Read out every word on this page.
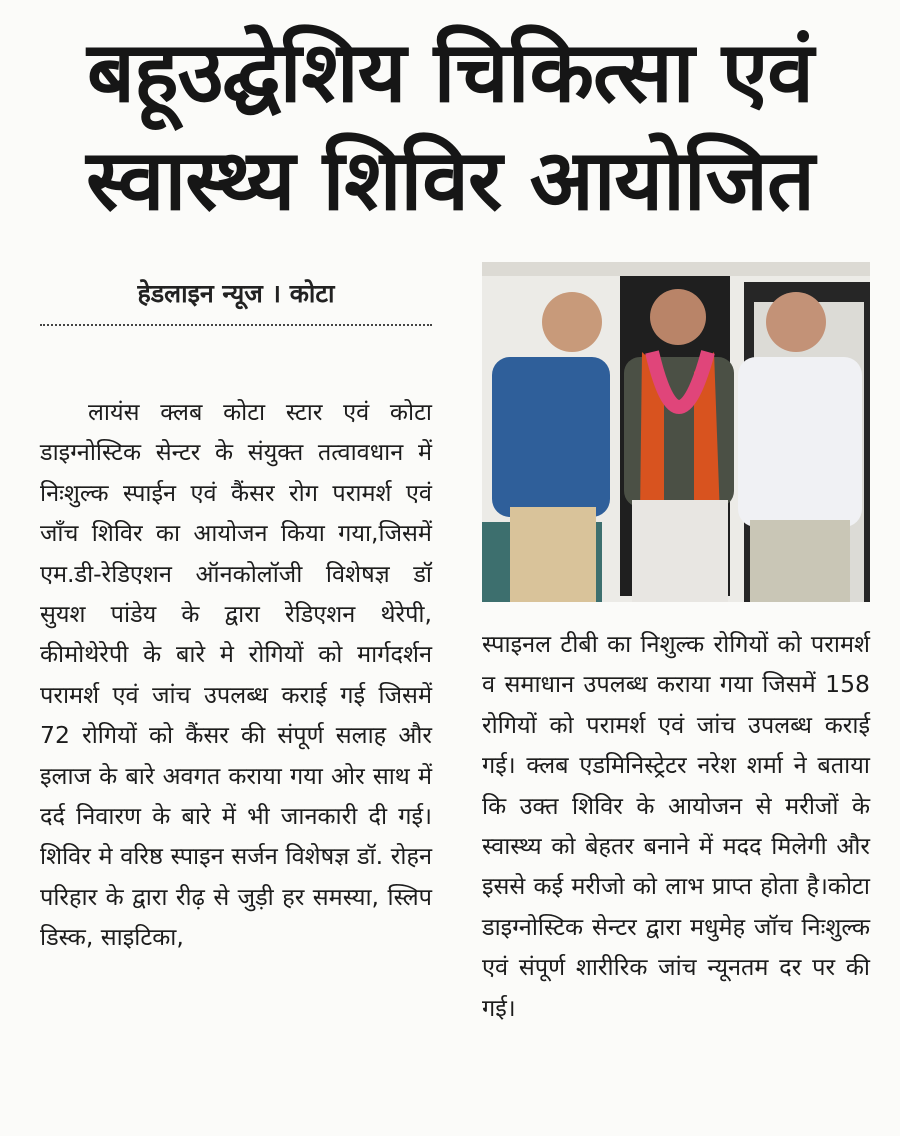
बहूउद्घेशिय चिकित्सा एवं
स्वास्थ्य शिविर आयोजित
हेडलाइन न्यूज । कोटा
लायंस क्लब कोटा स्टार एवं कोटा डाइग्नोस्टिक सेन्टर के संयुक्त तत्वावधान में निःशुल्क स्पाईन एवं कैंसर रोग परामर्श एवं जाँच शिविर का आयोजन किया गया,जिसमें एम.डी-रेडिएशन ऑनकोलॉजी विशेषज्ञ डॉ सुयश पांडेय के द्वारा रेडिएशन थेरेपी, कीमोथेरेपी के बारे मे रोगियों को मार्गदर्शन परामर्श एवं जांच उपलब्ध कराई गई जिसमें 72 रोगियों को कैंसर की संपूर्ण सलाह और इलाज के बारे अवगत कराया गया ओर साथ में दर्द निवारण के बारे में भी जानकारी दी गई। शिविर मे वरिष्ठ स्पाइन सर्जन विशेषज्ञ डॉ. रोहन परिहार के द्वारा रीढ़ से जुड़ी हर समस्या, स्लिप डिस्क, साइटिका,
स्पाइनल टीबी का निशुल्क रोगियों को परामर्श व समाधान उपलब्ध कराया गया जिसमें 158 रोगियों को परामर्श एवं जांच उपलब्ध कराई गई। क्लब एडमिनिस्ट्रेटर नरेश शर्मा ने बताया कि उक्त शिविर के आयोजन से मरीजों के स्वास्थ्य को बेहतर बनाने में मदद मिलेगी और इससे कई मरीजो को लाभ प्राप्त होता है।कोटा डाइग्नोस्टिक सेन्टर द्वारा मधुमेह जॉच निःशुल्क एवं संपूर्ण शारीरिक जांच न्यूनतम दर पर की गई।
